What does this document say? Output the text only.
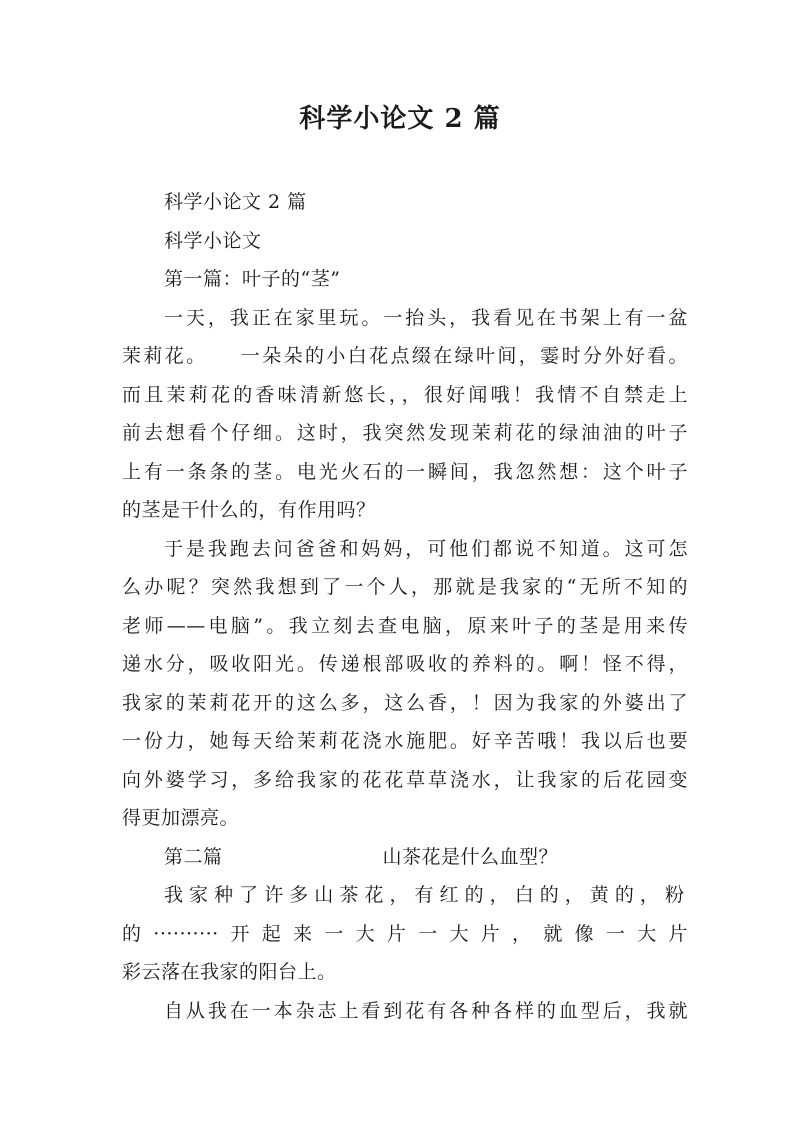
科学小论文 2 篇
科学小论文 2 篇
科学小论文
第一篇：叶子的“茎”
一天，我正在家里玩。一抬头，我看见在书架上有一盆
茉莉花。　　一朵朵的小白花点缀在绿叶间，霎时分外好看。
而且茉莉花的香味清新悠长，，很好闻哦！我情不自禁走上
前去想看个仔细。这时，我突然发现茉莉花的绿油油的叶子
上有一条条的茎。电光火石的一瞬间，我忽然想：这个叶子
的茎是干什么的，有作用吗？
于是我跑去问爸爸和妈妈，可他们都说不知道。这可怎
么办呢？突然我想到了一个人，那就是我家的“无所不知的
老师——电脑”。我立刻去查电脑，原来叶子的茎是用来传
递水分，吸收阳光。传递根部吸收的养料的。啊！怪不得，
我家的茉莉花开的这么多，这么香，！因为我家的外婆出了
一份力，她每天给茉莉花浇水施肥。好辛苦哦！我以后也要
向外婆学习，多给我家的花花草草浇水，让我家的后花园变
得更加漂亮。
第二篇	山茶花是什么血型？
我家种了许多山茶花，有红的，白的，黄的，粉
的··········开起来一大片一大片，就像一大片
彩云落在我家的阳台上。
自从我在一本杂志上看到花有各种各样的血型后，我就
